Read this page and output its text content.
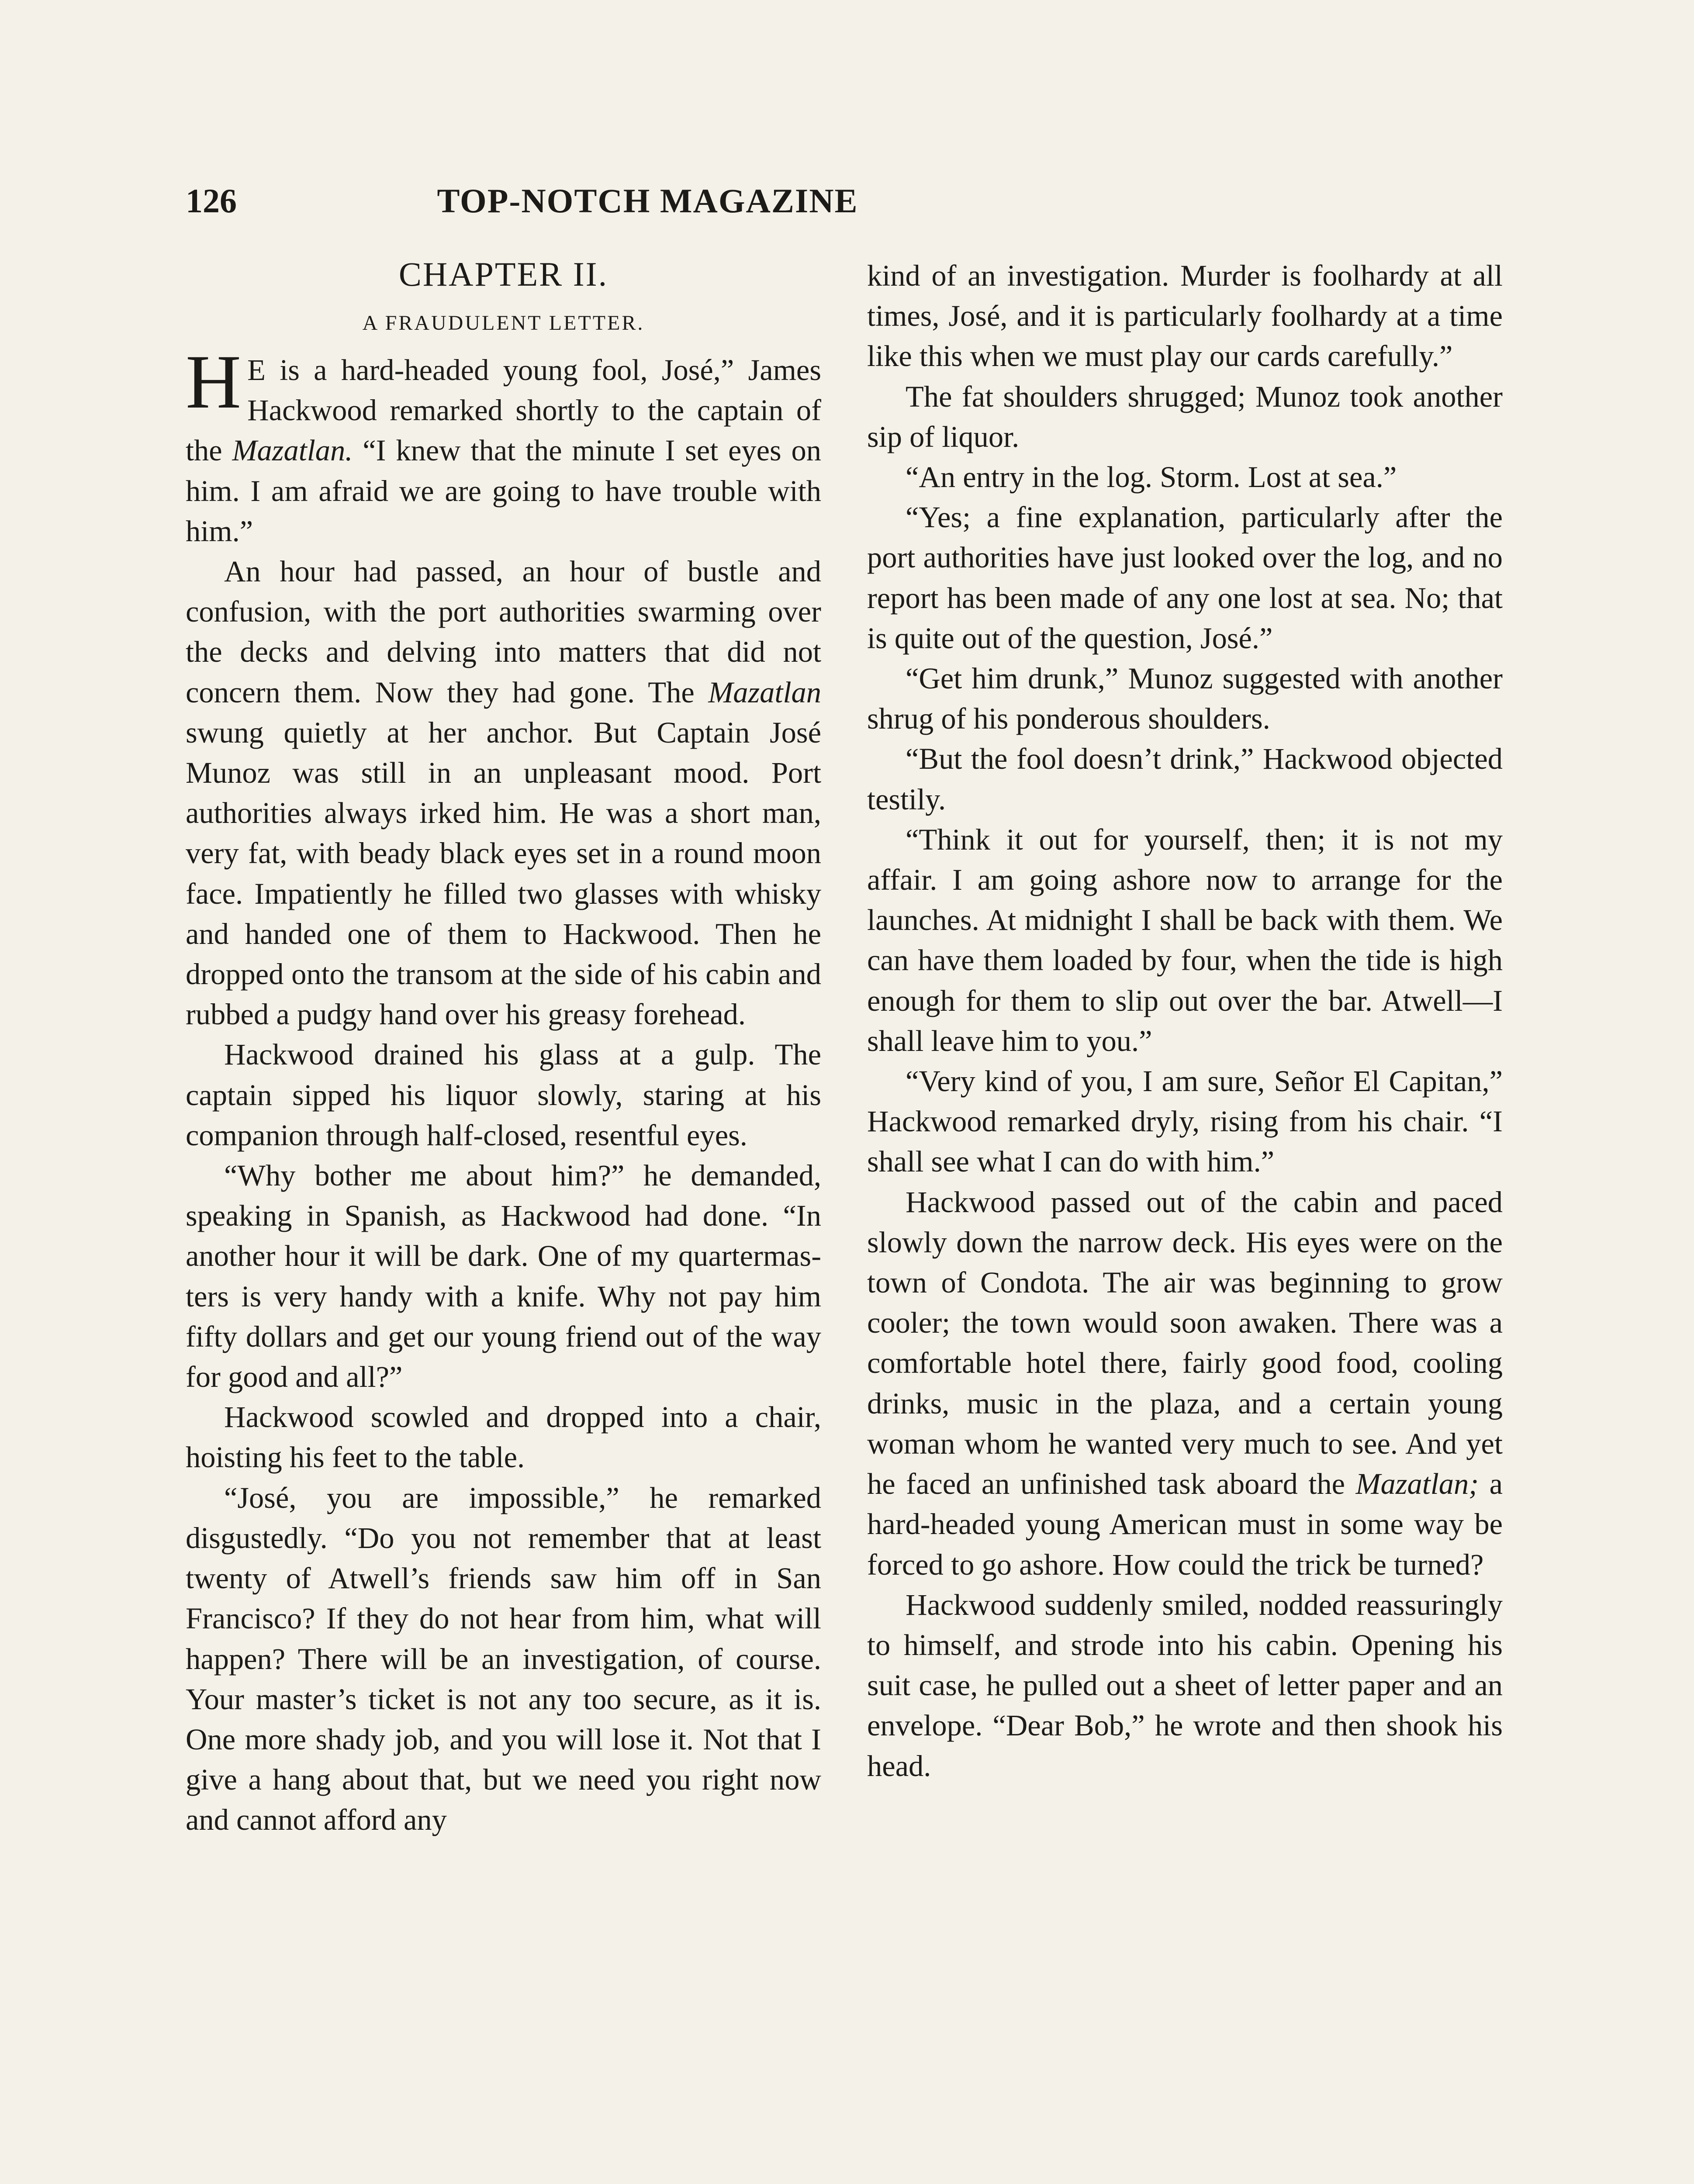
126	TOP-NOTCH MAGAZINE
CHAPTER II.
A FRAUDULENT LETTER.

H E is a hard-headed young fool, José,” James Hackwood remarked shortly to the captain of the Mazatlan. “I knew that the minute I set eyes on him. I am afraid we are going to have trouble with him.”

An hour had passed, an hour of bustle and confusion, with the port authorities swarming over the decks and delving into matters that did not concern them. Now they had gone. The Mazatlan swung quietly at her anchor. But Captain José Munoz was still in an unpleasant mood. Port authorities always irked him. He was a short man, very fat, with beady black eyes set in a round moon face. Impatiently he filled two glasses with whisky and handed one of them to Hackwood. Then he dropped onto the transom at the side of his cabin and rubbed a pudgy hand over his greasy forehead.

Hackwood drained his glass at a gulp. The captain sipped his liquor slowly, staring at his companion through half-closed, resentful eyes.

“Why bother me about him?” he demanded, speaking in Spanish, as Hackwood had done. “In another hour it will be dark. One of my quartermasters is very handy with a knife. Why not pay him fifty dollars and get our young friend out of the way for good and all?”

Hackwood scowled and dropped into a chair, hoisting his feet to the table.

“José, you are impossible,” he remarked disgustedly. “Do you not remember that at least twenty of Atwell’s friends saw him off in San Francisco? If they do not hear from him, what will happen? There will be an investigation, of course. Your master’s ticket is not any too secure, as it is. One more shady job, and you will lose it. Not that I give a hang about that, but we need you right now and cannot afford any

kind of an investigation. Murder is foolhardy at all times, José, and it is particularly foolhardy at a time like this when we must play our cards carefully.”

The fat shoulders shrugged; Munoz took another sip of liquor.

“An entry in the log. Storm. Lost at sea.”

“Yes; a fine explanation, particularly after the port authorities have just looked over the log, and no report has been made of any one lost at sea. No; that is quite out of the question, José.”

“Get him drunk,” Munoz suggested with another shrug of his ponderous shoulders.

“But the fool doesn’t drink,” Hackwood objected testily.

“Think it out for yourself, then; it is not my affair. I am going ashore now to arrange for the launches. At midnight I shall be back with them. We can have them loaded by four, when the tide is high enough for them to slip out over the bar. Atwell—I shall leave him to you.”

“Very kind of you, I am sure, Señor El Capitan,” Hackwood remarked dryly, rising from his chair. “I shall see what I can do with him.”

Hackwood passed out of the cabin and paced slowly down the narrow deck. His eyes were on the town of Condota. The air was beginning to grow cooler; the town would soon awaken. There was a comfortable hotel there, fairly good food, cooling drinks, music in the plaza, and a certain young woman whom he wanted very much to see. And yet he faced an unfinished task aboard the Mazatlan; a hard-headed young American must in some way be forced to go ashore. How could the trick be turned?

Hackwood suddenly smiled, nodded reassuringly to himself, and strode into his cabin. Opening his suit case, he pulled out a sheet of letter paper and an envelope. “Dear Bob,” he wrote and then shook his head.
